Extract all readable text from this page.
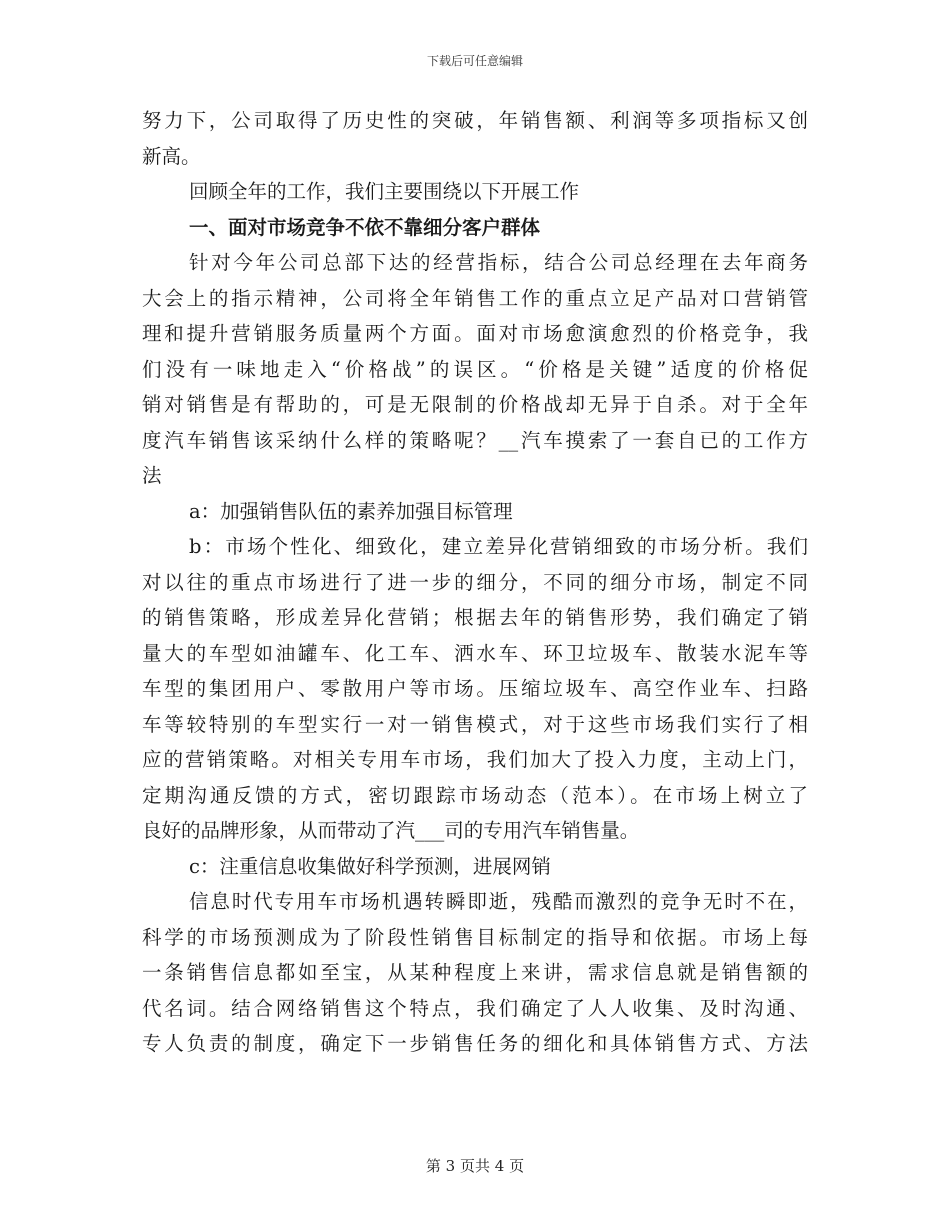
下载后可任意编辑
努力下，公司取得了历史性的突破，年销售额、利润等多项指标又创
新高。
回顾全年的工作，我们主要围绕以下开展工作
一、面对市场竞争不依不靠细分客户群体
针对今年公司总部下达的经营指标，结合公司总经理在去年商务
大会上的指示精神，公司将全年销售工作的重点立足产品对口营销管
理和提升营销服务质量两个方面。面对市场愈演愈烈的价格竞争，我
们没有一味地走入“价格战”的误区。“价格是关键”适度的价格促
销对销售是有帮助的，可是无限制的价格战却无异于自杀。对于全年
度汽车销售该采纳什么样的策略呢？__汽车摸索了一套自已的工作方
法
a：加强销售队伍的素养加强目标管理
b：市场个性化、细致化，建立差异化营销细致的市场分析。我们
对以往的重点市场进行了进一步的细分，不同的细分市场，制定不同
的销售策略，形成差异化营销；根据去年的销售形势，我们确定了销
量大的车型如油罐车、化工车、洒水车、环卫垃圾车、散装水泥车等
车型的集团用户、零散用户等市场。压缩垃圾车、高空作业车、扫路
车等较特别的车型实行一对一销售模式，对于这些市场我们实行了相
应的营销策略。对相关专用车市场，我们加大了投入力度，主动上门，
定期沟通反馈的方式，密切跟踪市场动态（范本）。在市场上树立了
良好的品牌形象，从而带动了汽___司的专用汽车销售量。
c：注重信息收集做好科学预测，进展网销
信息时代专用车市场机遇转瞬即逝，残酷而激烈的竞争无时不在，
科学的市场预测成为了阶段性销售目标制定的指导和依据。市场上每
一条销售信息都如至宝，从某种程度上来讲，需求信息就是销售额的
代名词。结合网络销售这个特点，我们确定了人人收集、及时沟通、
专人负责的制度，确定下一步销售任务的细化和具体销售方式、方法
第 3 页共 4 页
